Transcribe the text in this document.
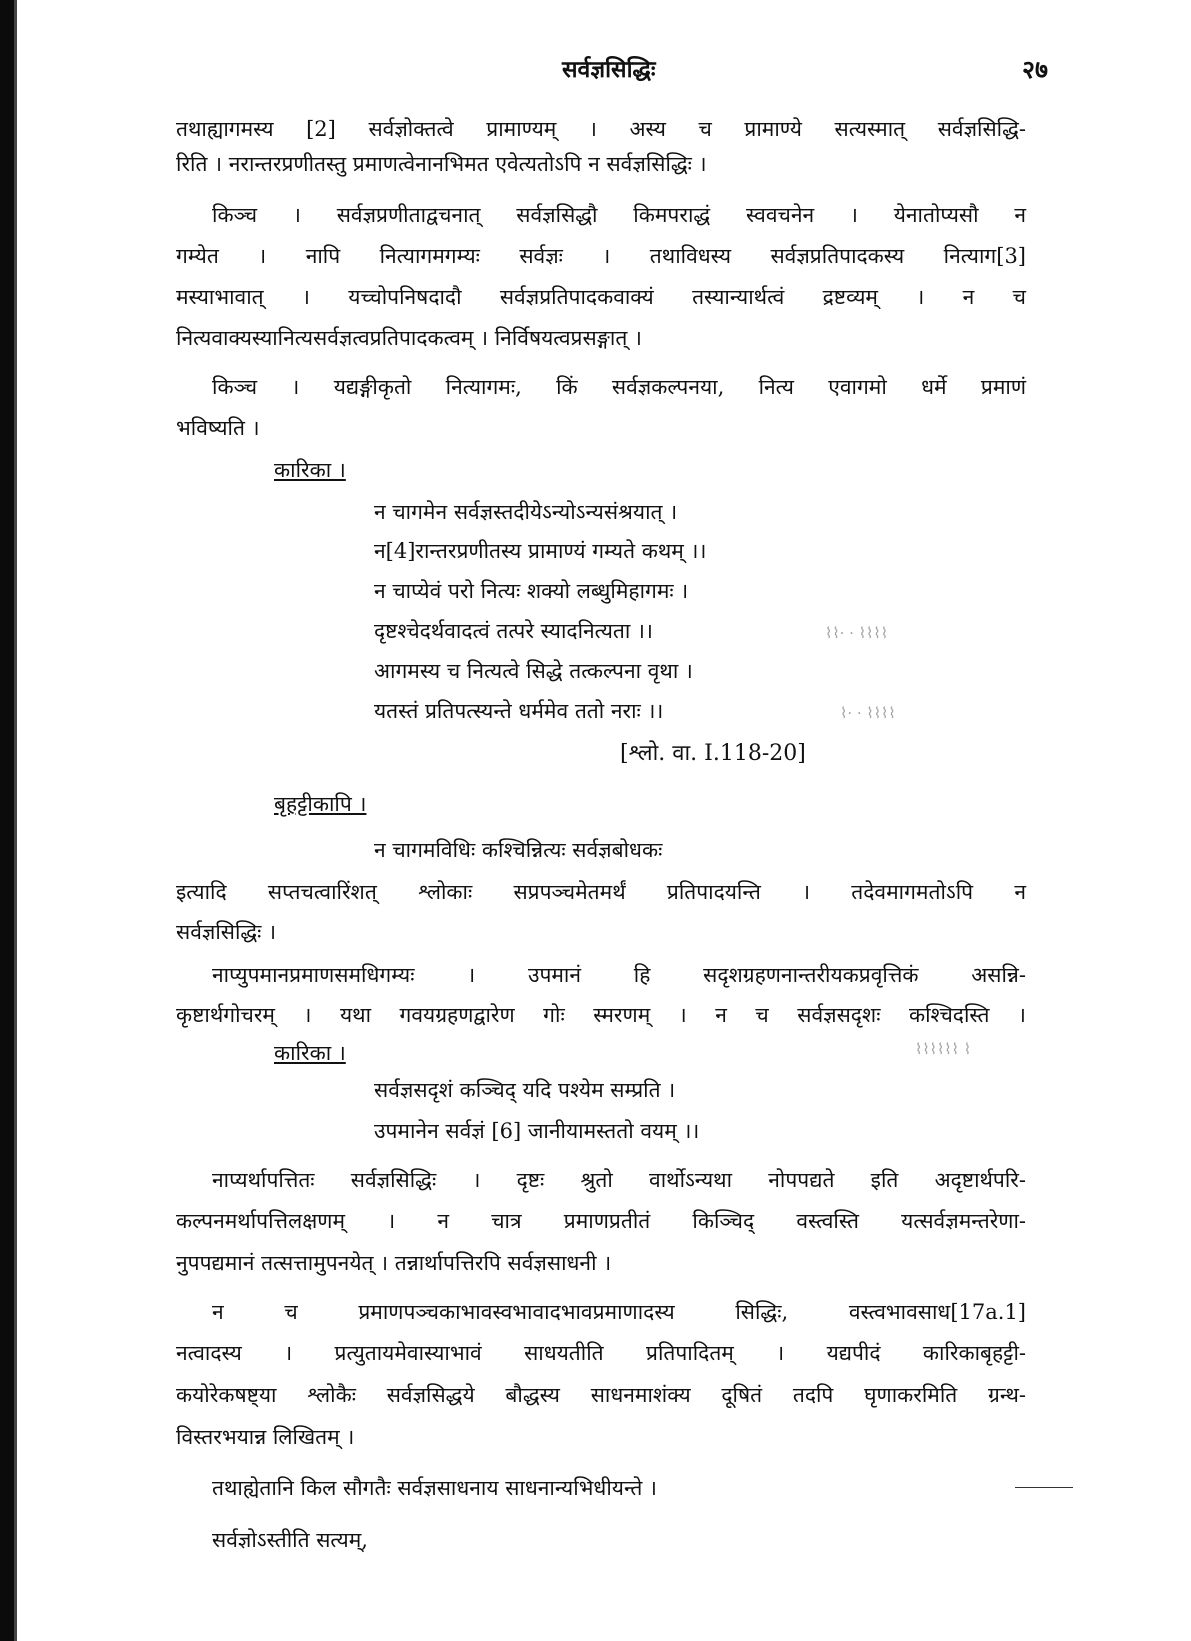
सर्वज्ञसिद्धिः	२७
तथाह्यागमस्य [2] सर्वज्ञोक्तत्वे प्रामाण्यम् । अस्य च प्रामाण्ये सत्यस्मात् सर्वज्ञसिद्धि-
रिति । नरान्तरप्रणीतस्तु प्रमाणत्वेनानभिमत एवेत्यतोऽपि न सर्वज्ञसिद्धिः ।
किञ्च । सर्वज्ञप्रणीताद्वचनात् सर्वज्ञसिद्धौ किमपराद्धं स्ववचनेन । येनातोप्यसौ न
गम्येत । नापि नित्यागमगम्यः सर्वज्ञः । तथाविधस्य सर्वज्ञप्रतिपादकस्य नित्याग[3]
मस्याभावात् । यच्चोपनिषदादौ सर्वज्ञप्रतिपादकवाक्यं तस्यान्यार्थत्वं द्रष्टव्यम् । न च
नित्यवाक्यस्यानित्यसर्वज्ञत्वप्रतिपादकत्वम् । निर्विषयत्वप्रसङ्गात् ।
किञ्च । यद्यङ्गीकृतो नित्यागमः, किं सर्वज्ञकल्पनया, नित्य एवागमो धर्मे प्रमाणं
भविष्यति ।
कारिका ।
न चागमेन सर्वज्ञस्तदीयेऽन्योऽन्यसंश्रयात् ।
न[4]रान्तरप्रणीतस्य प्रामाण्यं गम्यते कथम् ।।
न चाप्येवं परो नित्यः शक्यो लब्धुमिहागमः ।
दृष्टश्चेदर्थवादत्वं तत्परे स्यादनित्यता ।।
आगमस्य च नित्यत्वे सिद्धे तत्कल्पना वृथा ।
यतस्तं प्रतिपत्स्यन्ते धर्ममेव ततो नराः ।।
[श्लो. वा. I.118-20]
बृहट्टीकापि ।
न चागमविधिः कश्चिन्नित्यः सर्वज्ञबोधकः
इत्यादि सप्तचत्वारिंशत् श्लोकाः सप्रपञ्चमेतमर्थं प्रतिपादयन्ति । तदेवमागमतोऽपि न
सर्वज्ञसिद्धिः ।
नाप्युपमानप्रमाणसमधिगम्यः । उपमानं हि सदृशग्रहणनान्तरीयकप्रवृत्तिकं असन्नि-
कृष्टार्थगोचरम् । यथा गवयग्रहणद्वारेण गोः स्मरणम् । न च सर्वज्ञसदृशः कश्चिदस्ति ।
कारिका ।
सर्वज्ञसदृशं कञ्चिद् यदि पश्येम सम्प्रति ।
उपमानेन सर्वज्ञं [6] जानीयामस्ततो वयम् ।।
नाप्यर्थापत्तितः सर्वज्ञसिद्धिः । दृष्टः श्रुतो वार्थोऽन्यथा नोपपद्यते इति अदृष्टार्थपरि-
कल्पनमर्थापत्तिलक्षणम् । न चात्र प्रमाणप्रतीतं किञ्चिद् वस्त्वस्ति यत्सर्वज्ञमन्तरेणा-
नुपपद्यमानं तत्सत्तामुपनयेत् । तन्नार्थापत्तिरपि सर्वज्ञसाधनी ।
न च प्रमाणपञ्चकाभावस्वभावादभावप्रमाणादस्य सिद्धिः, वस्त्वभावसाध[17a.1]
नत्वादस्य । प्रत्युतायमेवास्याभावं साधयतीति प्रतिपादितम् । यद्यपीदं कारिकाबृहट्टी-
कयोरेकषष्ट्या श्लोकैः सर्वज्ञसिद्धये बौद्धस्य साधनमाशंक्य दूषितं तदपि घृणाकरमिति ग्रन्थ-
विस्तरभयान्न लिखितम् ।
तथाह्येतानि किल सौगतैः सर्वज्ञसाधनाय साधनान्यभिधीयन्ते ।
सर्वज्ञोऽस्तीति सत्यम्,
⌇⌇· · ⌇⌇⌇⌇
⌇· · ⌇⌇⌇⌇
⌇⌇⌇⌇⌇⌇ ⌇
